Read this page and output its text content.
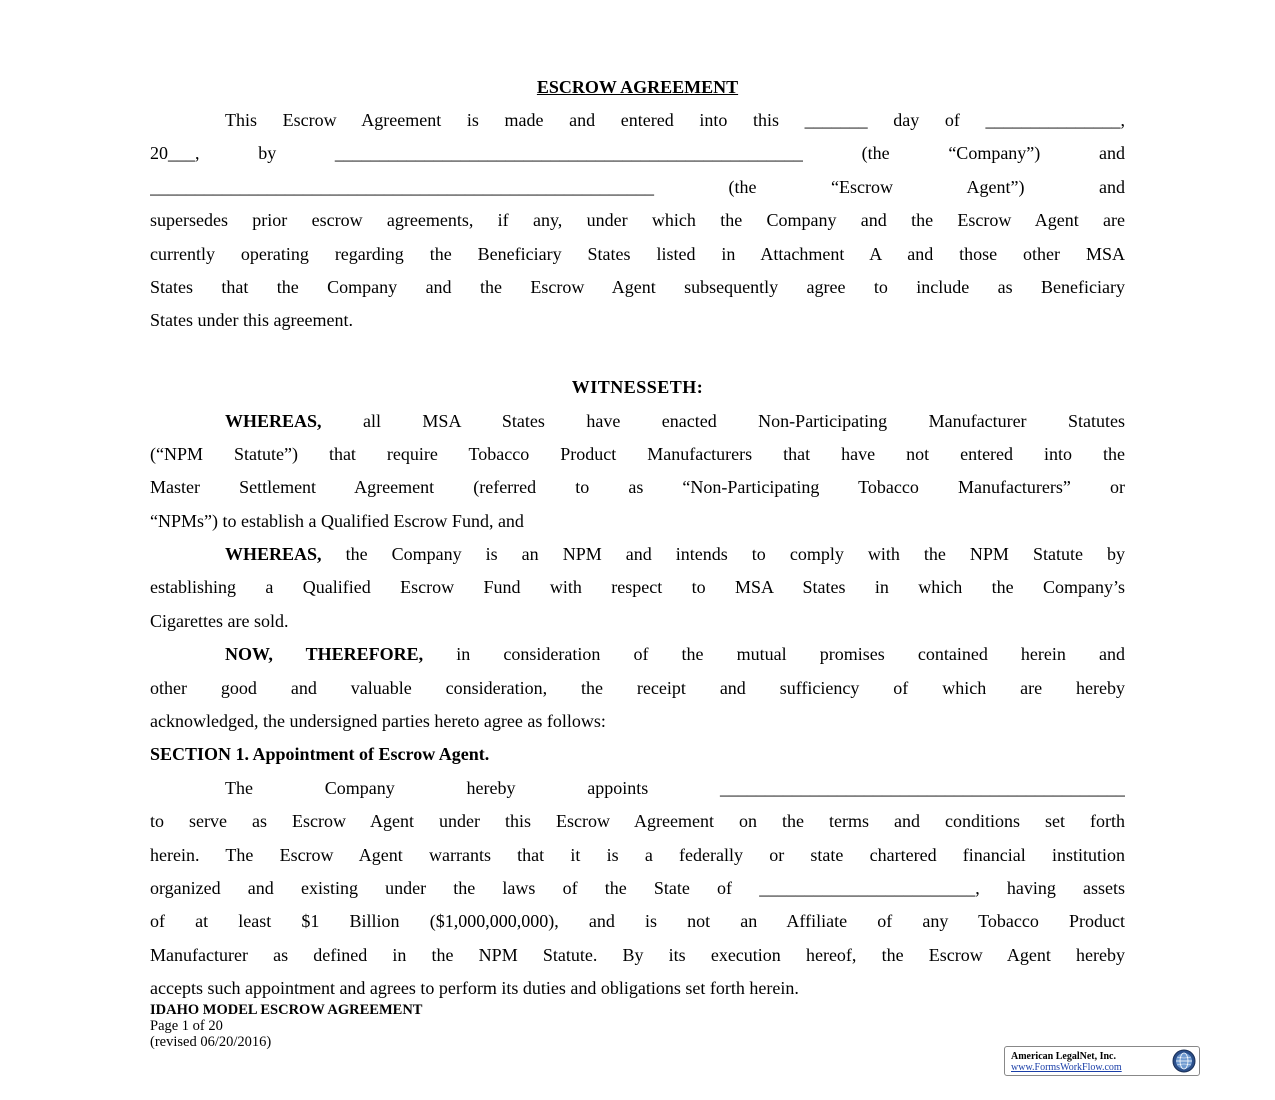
ESCROW AGREEMENT
This Escrow Agreement is made and entered into this _______ day of _______________,
20___, by ____________________________________________________ (the “Company”) and
________________________________________________________ (the “Escrow Agent”) and
supersedes prior escrow agreements, if any, under which the Company and the Escrow Agent are
currently operating regarding the Beneficiary States listed in Attachment A and those other MSA
States that the Company and the Escrow Agent subsequently agree to include as Beneficiary
States under this agreement.
WITNESSETH:
WHEREAS, all MSA States have enacted Non-Participating Manufacturer Statutes
(“NPM Statute”) that require Tobacco Product Manufacturers that have not entered into the
Master Settlement Agreement (referred to as “Non-Participating Tobacco Manufacturers” or
“NPMs”) to establish a Qualified Escrow Fund, and
WHEREAS, the Company is an NPM and intends to comply with the NPM Statute by
establishing a Qualified Escrow Fund with respect to MSA States in which the Company’s
Cigarettes are sold.
NOW, THEREFORE, in consideration of the mutual promises contained herein and
other good and valuable consideration, the receipt and sufficiency of which are hereby
acknowledged, the undersigned parties hereto agree as follows:
SECTION 1. Appointment of Escrow Agent.
The Company hereby appoints _____________________________________________
to serve as Escrow Agent under this Escrow Agreement on the terms and conditions set forth
herein. The Escrow Agent warrants that it is a federally or state chartered financial institution
organized and existing under the laws of the State of ________________________, having assets
of at least $1 Billion ($1,000,000,000), and is not an Affiliate of any Tobacco Product
Manufacturer as defined in the NPM Statute. By its execution hereof, the Escrow Agent hereby
accepts such appointment and agrees to perform its duties and obligations set forth herein.
IDAHO MODEL ESCROW AGREEMENT
Page 1 of 20
(revised 06/20/2016)
American LegalNet, Inc.
www.FormsWorkFlow.com
